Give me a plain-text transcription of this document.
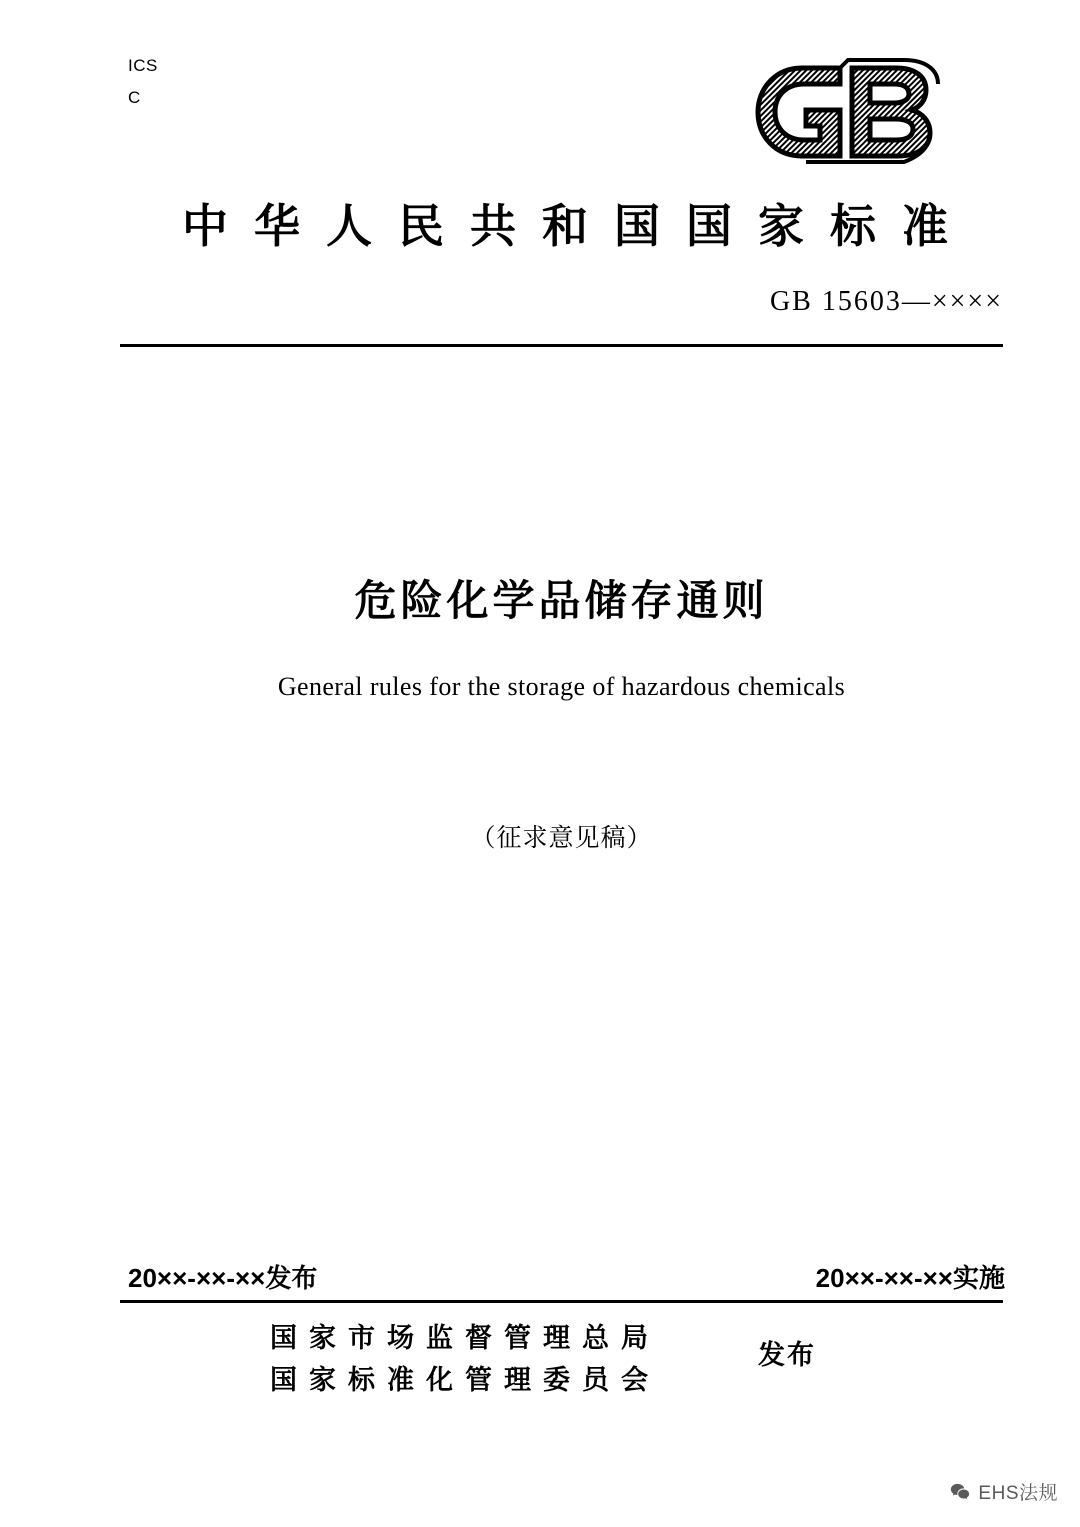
ICS
C
中华人民共和国国家标准
GB 15603—××××
危险化学品储存通则
General rules for the storage of hazardous chemicals
（征求意见稿）
20××-××-××发布	20××-××-××实施
国家市场监督管理总局
国家标准化管理委员会
发布
EHS法规
